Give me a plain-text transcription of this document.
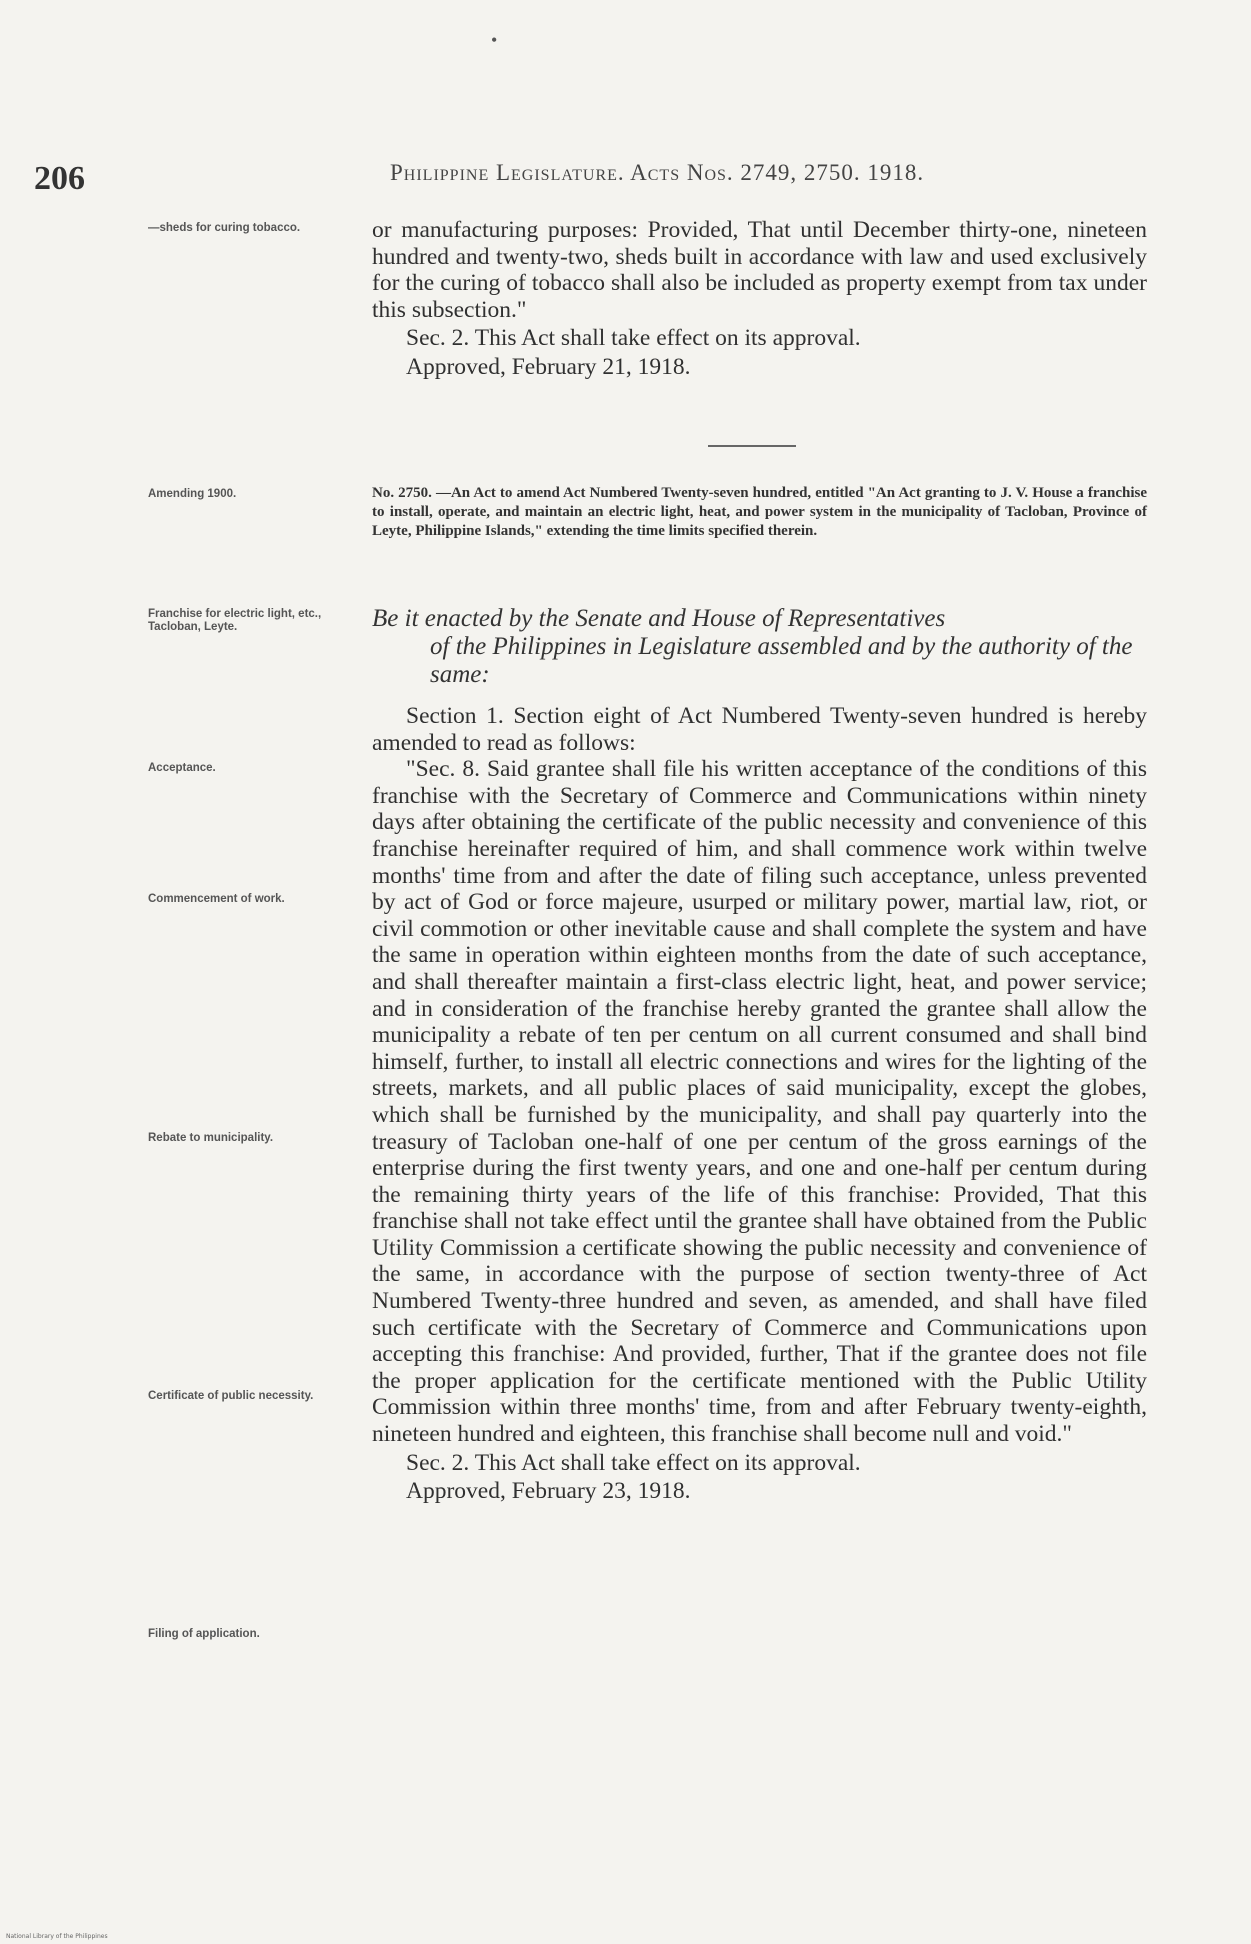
•
206	Philippine Legislature. Acts Nos. 2749, 2750. 1918.
—sheds for curing tobacco.	or manufacturing purposes: Provided, That until December thirty-one, nineteen hundred and twenty-two, sheds built in accordance with law and used exclusively for the curing of tobacco shall also be included as property exempt from tax under this subsection."

Sec. 2. This Act shall take effect on its approval.

Approved, February 21, 1918.

Amending 1900.	No. 2750. —An Act to amend Act Numbered Twenty-seven hundred, entitled "An Act granting to J. V. House a franchise to install, operate, and maintain an electric light, heat, and power system in the municipality of Tacloban, Province of Leyte, Philippine Islands," extending the time limits specified therein.
Franchise for electric light, etc., Tacloban, Leyte.	Be it enacted by the Senate and House of Representatives
of the Philippines in Legislature assembled and by the authority of the same:
Acceptance.
Commencement of work.
Rebate to municipality.
Certificate of public necessity.
Filing of application.

Section 1. Section eight of Act Numbered Twenty-seven hundred is hereby amended to read as follows:

"Sec. 8. Said grantee shall file his written acceptance of the conditions of this franchise with the Secretary of Commerce and Communications within ninety days after obtaining the certificate of the public necessity and convenience of this franchise hereinafter required of him, and shall commence work within twelve months' time from and after the date of filing such acceptance, unless prevented by act of God or force majeure, usurped or military power, martial law, riot, or civil commotion or other inevitable cause and shall complete the system and have the same in operation within eighteen months from the date of such acceptance, and shall thereafter maintain a first-class electric light, heat, and power service; and in consideration of the franchise hereby granted the grantee shall allow the municipality a rebate of ten per centum on all current consumed and shall bind himself, further, to install all electric connections and wires for the lighting of the streets, markets, and all public places of said municipality, except the globes, which shall be furnished by the municipality, and shall pay quarterly into the treasury of Tacloban one-half of one per centum of the gross earnings of the enterprise during the first twenty years, and one and one-half per centum during the remaining thirty years of the life of this franchise: Provided, That this franchise shall not take effect until the grantee shall have obtained from the Public Utility Commission a certificate showing the public necessity and convenience of the same, in accordance with the purpose of section twenty-three of Act Numbered Twenty-three hundred and seven, as amended, and shall have filed such certificate with the Secretary of Commerce and Communications upon accepting this franchise: And provided, further, That if the grantee does not file the proper application for the certificate mentioned with the Public Utility Commission within three months' time, from and after February twenty-eighth, nineteen hundred and eighteen, this franchise shall become null and void."

Sec. 2. This Act shall take effect on its approval.

Approved, February 23, 1918.

National Library of the Philippines
